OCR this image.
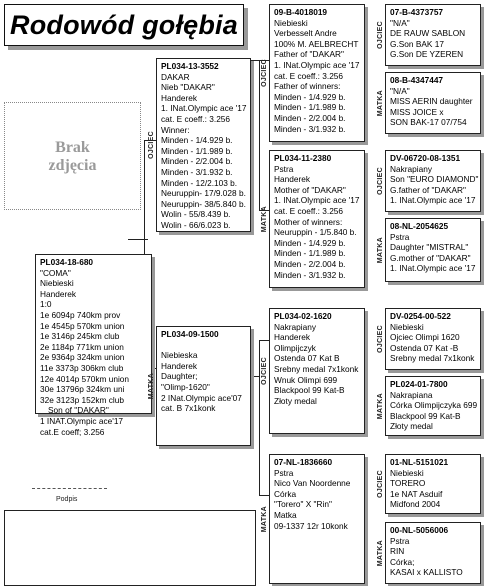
Rodowód gołębia
Brak
zdjęcia
PL034-18-680
"COMA"
Niebieski
Handerek
1:0
1e 6094p 740km prov
1e 4545p 570km union
1e 3146p 245km club
2e 1184p 771km union
2e 9364p 324km union
11e 3373p 306km club
12e 4014p 570km union
30e 13796p 324km uni
32e 3123p 152km club
Son of "DAKAR"
1 INAT.Olympic ace'17
cat.E coeff; 3.256
OJCIEC
PL034-13-3552
DAKAR
Nieb "DAKAR"
Handerek
1. INat.Olympic ace '17
cat. E coeff.: 3.256
Winner:
Minden - 1/4.929 b.
Minden - 1/1.989 b.
Minden - 2/2.004 b.
Minden - 3/1.932 b.
Minden - 12/2.103 b.
Neuruppin- 17/9.028 b.
Neuruppin- 38/5.840 b.
Wolin - 55/8.439 b.
Wolin - 66/6.023 b.
MATKA
PL034-09-1500

Niebieska
Handerek
Daughter;
"Olimp-1620"
2 INat.Olympic ace'07
cat. B 7x1konk
OJCIEC
09-B-4018019
Niebieski
Verbesselt Andre
100% M. AELBRECHT
Father of "DAKAR"
1. INat.Olympic ace '17
cat. E coeff.: 3.256
Father of winners:
Minden - 1/4.929 b.
Minden - 1/1.989 b.
Minden - 2/2.004 b.
Minden - 3/1.932 b.
MATKA
PL034-11-2380
Pstra
Handerek
Mother of "DAKAR"
1. INat.Olympic ace '17
cat. E coeff.: 3.256
Mother of winners:
Neuruppin - 1/5.840 b.
Minden - 1/4.929 b.
Minden - 1/1.989 b.
Minden - 2/2.004 b.
Minden - 3/1.932 b.
OJCIEC
PL034-02-1620
Nakrapiany
Handerek
Olimpijczyk
Ostenda 07 Kat B
Srebny medal 7x1konk
Wnuk Olimpi 699
Blackpool 99 Kat-B
Złoty medal
MATKA
07-NL-1836660
Pstra
Nico Van Noordenne
Córka
"Torero" X "Rin"
Matka
09-1337 12r 10konk
OJCIEC
07-B-4373757
"N/A"
DE RAUW SABLON
G.Son BAK 17
G.Son DE YZEREN
MATKA
08-B-4347447
"N/A"
MISS AERIN daughter
MISS JOICE x
SON BAK-17 07/754
OJCIEC
DV-06720-08-1351
Nakrapiany
Son "EURO DIAMOND"
G.father of "DAKAR"
1. INat.Olympic ace '17
MATKA
08-NL-2054625
Pstra
Daughter "MISTRAL"
G.mother of "DAKAR"
1. INat.Olympic ace '17
OJCIEC
DV-0254-00-522
Niebieski
Ojciec Olimpi 1620
Ostenda 07 Kat -B
Srebny medal 7x1konk
MATKA
PL024-01-7800
Nakrapiana
Córka Olimpijczyka 699
Blackpool 99 Kat-B
Złoty medal
OJCIEC
01-NL-5151021
Niebieski
TORERO
1e NAT Asduif
Midfond 2004
MATKA
00-NL-5056006
Pstra
RIN
Córka;
KASAI x KALLISTO
Podpis
